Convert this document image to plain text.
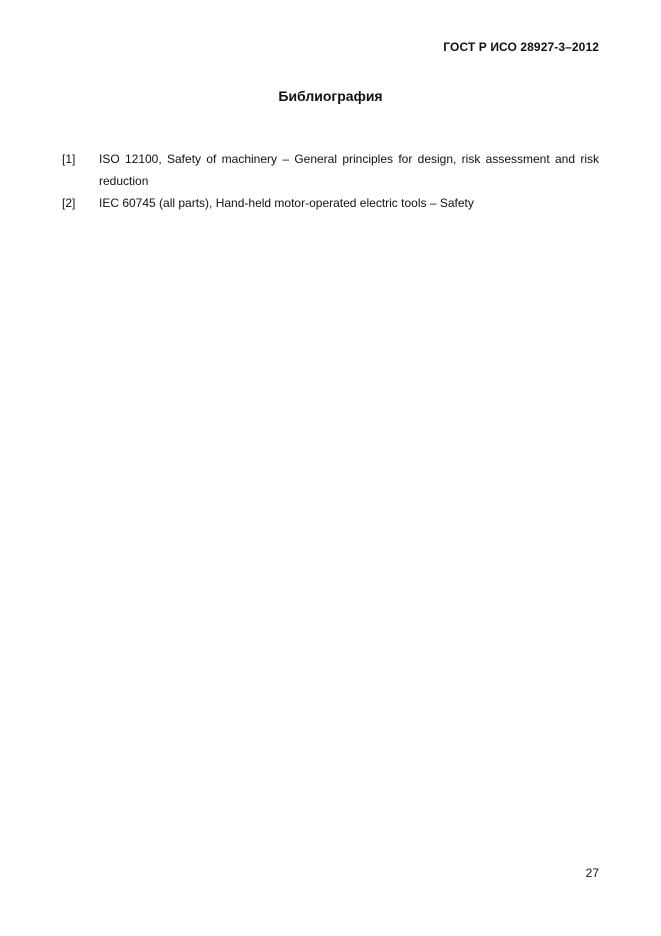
ГОСТ Р ИСО 28927-3–2012
Библиография
[1]	ISO 12100, Safety of machinery – General principles for design, risk assessment and risk reduction
[2]	IEC 60745 (all parts), Hand-held motor-operated electric tools – Safety
27
